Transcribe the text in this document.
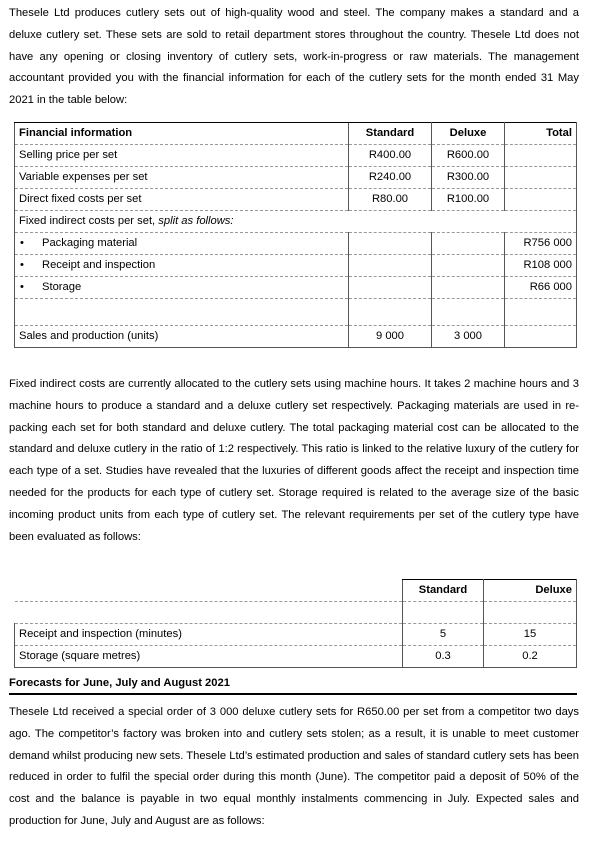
Thesele Ltd produces cutlery sets out of high-quality wood and steel. The company makes a standard and a deluxe cutlery set. These sets are sold to retail department stores throughout the country. Thesele Ltd does not have any opening or closing inventory of cutlery sets, work-in-progress or raw materials. The management accountant provided you with the financial information for each of the cutlery sets for the month ended 31 May 2021 in the table below:

Financial information	Standard	Deluxe	Total
Selling price per set	R400.00	R600.00	
Variable expenses per set	R240.00	R300.00	
Direct fixed costs per set	R80.00	R100.00	
Fixed indirect costs per set, split as follows:			
• Packaging material			R756 000
• Receipt and inspection			R108 000
• Storage			R66 000

Sales and production (units)	9 000	3 000	

Fixed indirect costs are currently allocated to the cutlery sets using machine hours. It takes 2 machine hours and 3 machine hours to produce a standard and a deluxe cutlery set respectively. Packaging materials are used in re-packing each set for both standard and deluxe cutlery. The total packaging material cost can be allocated to the standard and deluxe cutlery in the ratio of 1:2 respectively. This ratio is linked to the relative luxury of the cutlery for each type of a set. Studies have revealed that the luxuries of different goods affect the receipt and inspection time needed for the products for each type of cutlery set. Storage required is related to the average size of the basic incoming product units from each type of cutlery set. The relevant requirements per set of the cutlery type have been evaluated as follows:

	Standard	Deluxe

Receipt and inspection (minutes)	5	15
Storage (square metres)	0.3	0.2
Forecasts for June, July and August 2021

Thesele Ltd received a special order of 3 000 deluxe cutlery sets for R650.00 per set from a competitor two days ago. The competitor’s factory was broken into and cutlery sets stolen; as a result, it is unable to meet customer demand whilst producing new sets. Thesele Ltd’s estimated production and sales of standard cutlery sets has been reduced in order to fulfil the special order during this month (June). The competitor paid a deposit of 50% of the cost and the balance is payable in two equal monthly instalments commencing in July. Expected sales and production for June, July and August are as follows:
